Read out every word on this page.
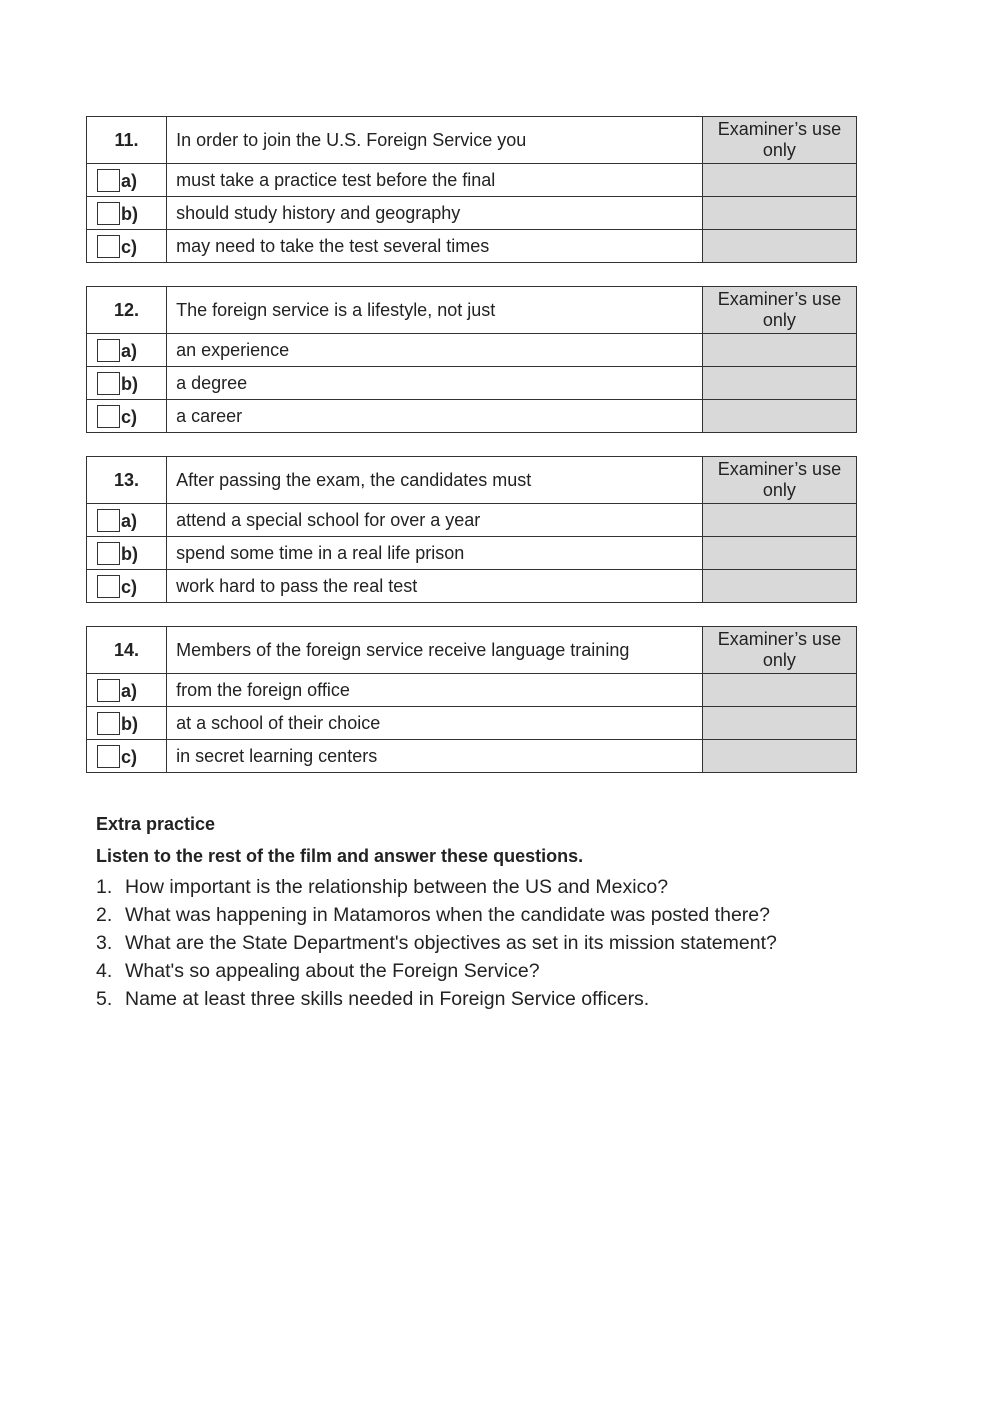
11.	In order to join the U.S. Foreign Service you	Examiner’s use only

a)	must take a practice test before the final	

b)	should study history and geography	

c)	may need to take the test several times	
12.	The foreign service is a lifestyle, not just	Examiner’s use only

a)	an experience	

b)	a degree	

c)	a career	
13.	After passing the exam, the candidates must	Examiner’s use only

a)	attend a special school for over a year	

b)	spend some time in a real life prison	

c)	work hard to pass the real test	
14.	Members of the foreign service receive language training	Examiner’s use only

a)	from the foreign office	

b)	at a school of their choice	

c)	in secret learning centers	
Extra practice
Listen to the rest of the film and answer these questions.
1. How important is the relationship between the US and Mexico?
2. What was happening in Matamoros when the candidate was posted there?
3. What are the State Department's objectives as set in its mission statement?
4. What's so appealing about the Foreign Service?
5. Name at least three skills needed in Foreign Service officers.
